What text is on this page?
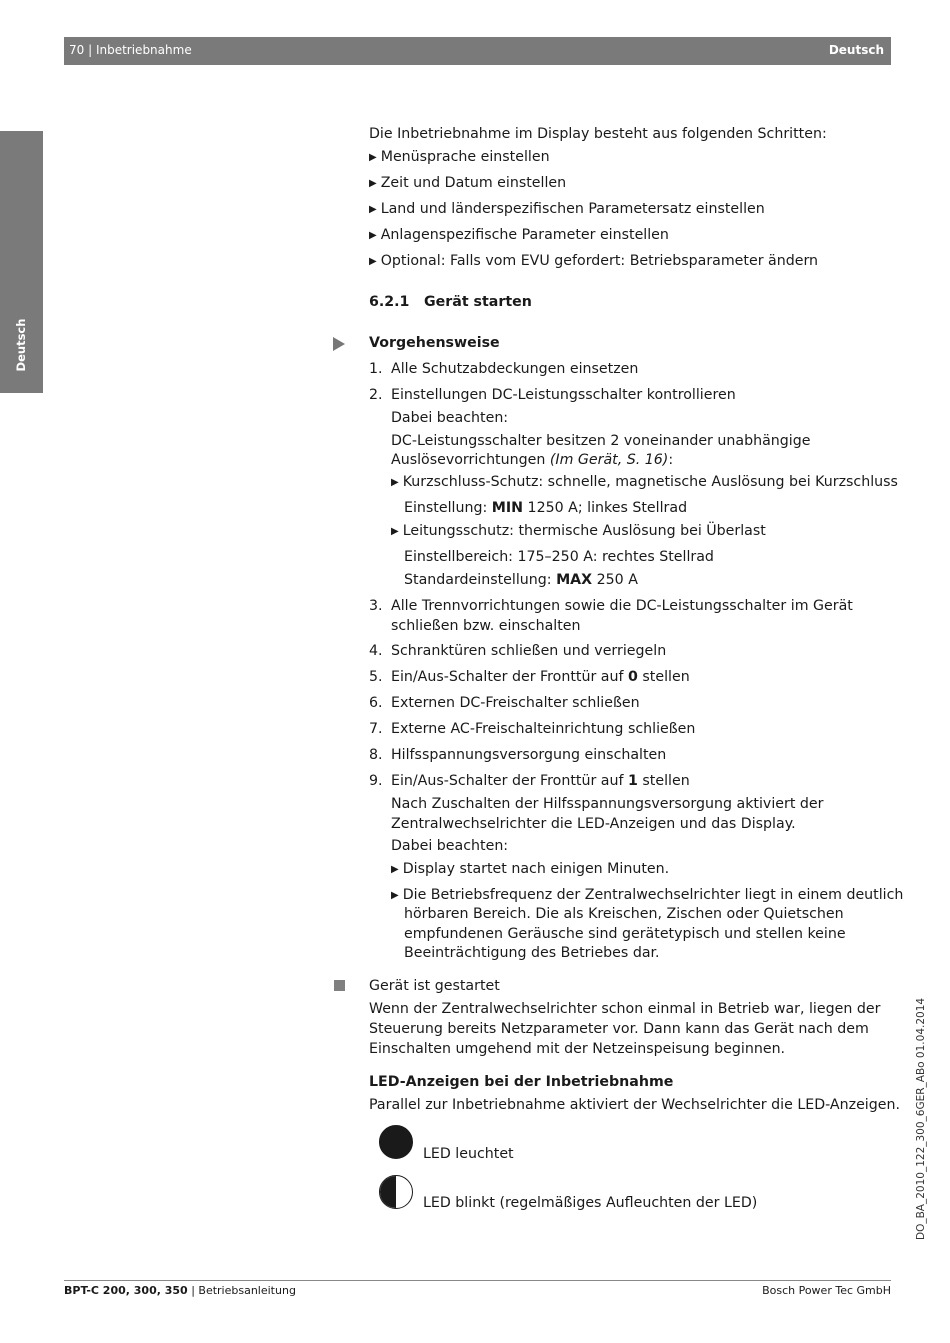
70 | Inbetriebnahme	Deutsch
Deutsch
Die Inbetriebnahme im Display besteht aus folgenden Schritten:
▶ Menüsprache einstellen
▶ Zeit und Datum einstellen
▶ Land und länderspezifischen Parametersatz einstellen
▶ Anlagenspezifische Parameter einstellen
▶ Optional: Falls vom EVU gefordert: Betriebsparameter ändern
6.2.1 Gerät starten
Vorgehensweise
1. Alle Schutzabdeckungen einsetzen
2. Einstellungen DC-Leistungsschalter kontrollieren
Dabei beachten:
DC-Leistungsschalter besitzen 2 voneinander unabhängige
Auslösevorrichtungen (Im Gerät, S. 16):
▶ Kurzschluss-Schutz: schnelle, magnetische Auslösung bei Kurzschluss
Einstellung: MIN 1250 A; linkes Stellrad
▶ Leitungsschutz: thermische Auslösung bei Überlast
Einstellbereich: 175–250 A: rechtes Stellrad
Standardeinstellung: MAX 250 A
3. Alle Trennvorrichtungen sowie die DC-Leistungsschalter im Gerät
schließen bzw. einschalten
4. Schranktüren schließen und verriegeln
5. Ein/Aus-Schalter der Fronttür auf 0 stellen
6. Externen DC-Freischalter schließen
7. Externe AC-Freischalteinrichtung schließen
8. Hilfsspannungsversorgung einschalten
9. Ein/Aus-Schalter der Fronttür auf 1 stellen
Nach Zuschalten der Hilfsspannungsversorgung aktiviert der
Zentralwechselrichter die LED-Anzeigen und das Display.
Dabei beachten:
▶ Display startet nach einigen Minuten.
▶ Die Betriebsfrequenz der Zentralwechselrichter liegt in einem deutlich
hörbaren Bereich. Die als Kreischen, Zischen oder Quietschen
empfundenen Geräusche sind gerätetypisch und stellen keine
Beeinträchtigung des Betriebes dar.
Gerät ist gestartet
Wenn der Zentralwechselrichter schon einmal in Betrieb war, liegen der
Steuerung bereits Netzparameter vor. Dann kann das Gerät nach dem
Einschalten umgehend mit der Netzeinspeisung beginnen.
LED-Anzeigen bei der Inbetriebnahme
Parallel zur Inbetriebnahme aktiviert der Wechselrichter die LED-Anzeigen.
LED leuchtet
LED blinkt (regelmäßiges Aufleuchten der LED)	DO_BA_2010_122_300_6GER_ABo 01.04.2014
BPT-C 200, 300, 350 | Betriebsanleitung	Bosch Power Tec GmbH
